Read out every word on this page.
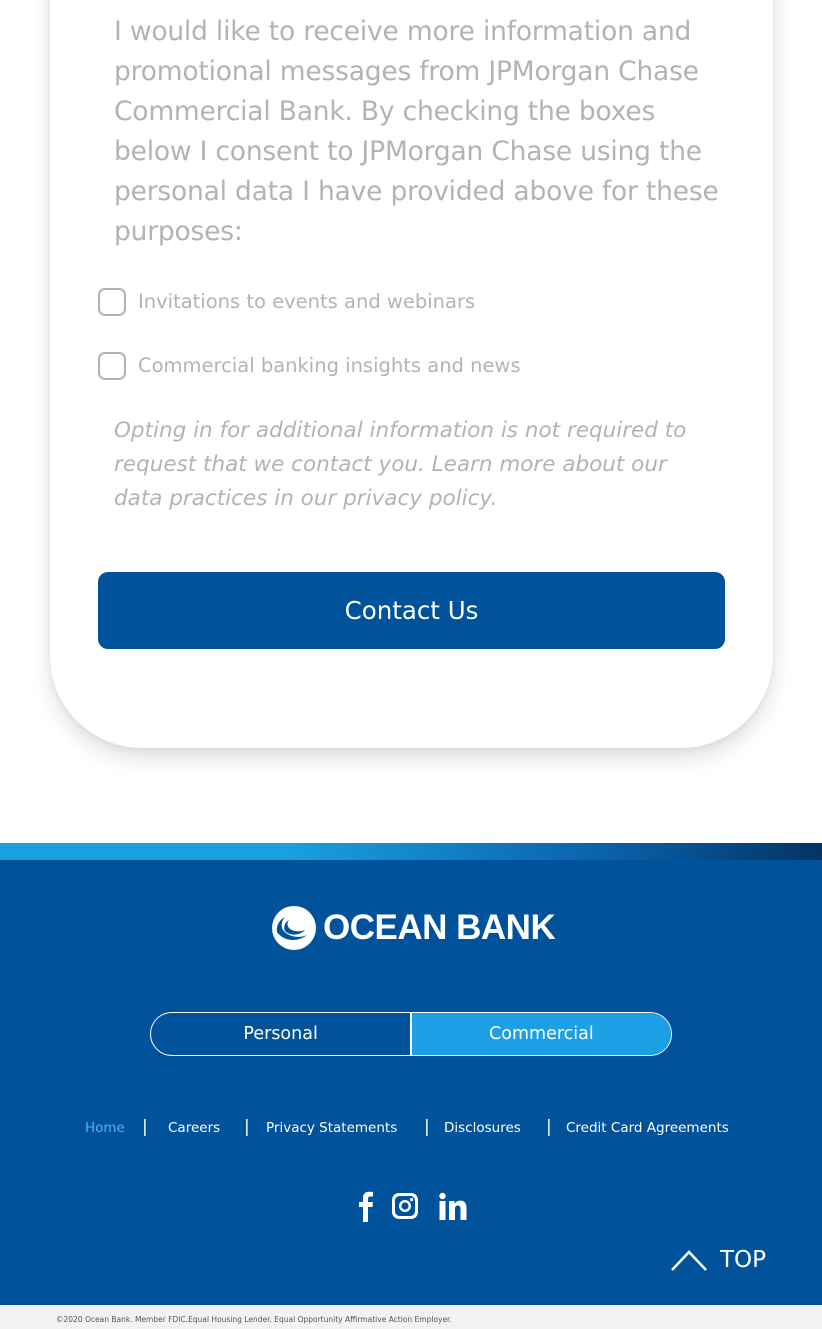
I would like to receive more information and promotional messages from JPMorgan Chase Commercial Bank. By checking the boxes below I consent to JPMorgan Chase using the personal data I have provided above for these purposes:

Invitations to events and webinars
Commercial banking insights and news

Opting in for additional information is not required to request that we contact you. Learn more about our data practices in our privacy policy.

Contact Us
OCEAN BANK
Personal	Commercial
Home | Careers | Privacy Statements | Disclosures | Credit Card Agreements
TOP
©2020 Ocean Bank. Member FDIC.Equal Housing Lender. Equal Opportunity Affirmative Action Employer.
